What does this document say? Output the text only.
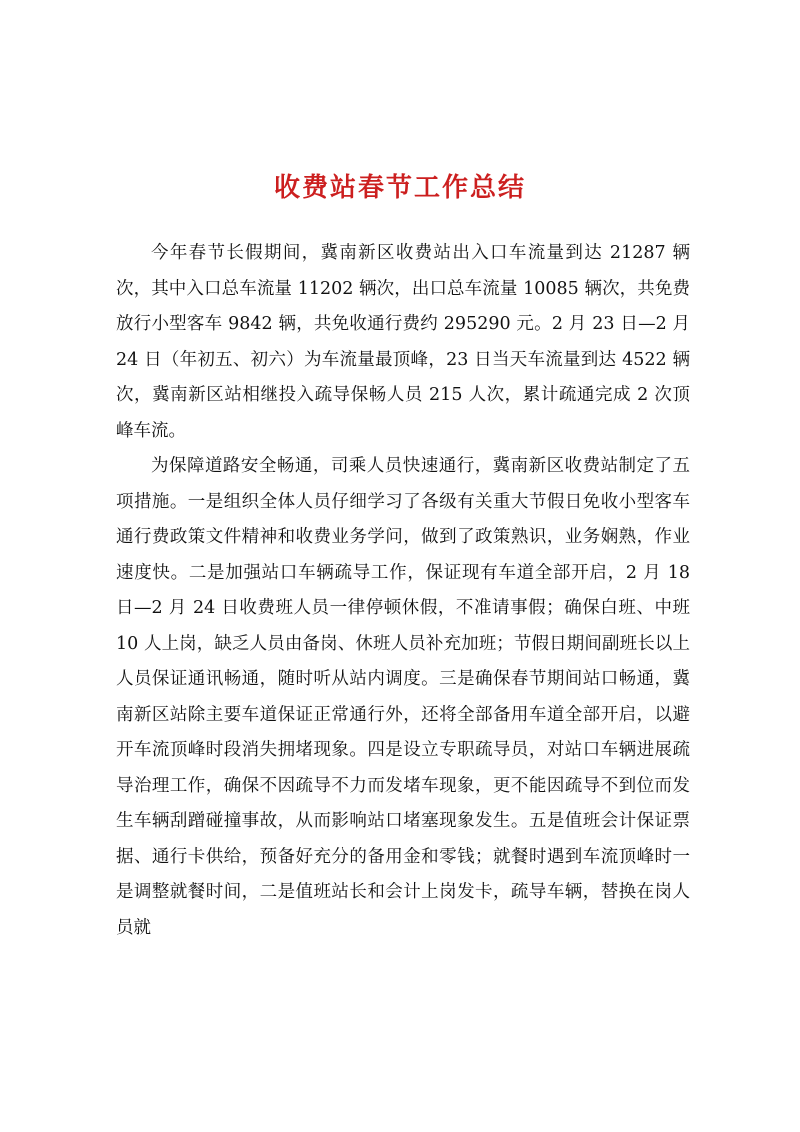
收费站春节工作总结

今年春节长假期间，冀南新区收费站出入口车流量到达 21287 辆次，其中入口总车流量 11202 辆次，出口总车流量 10085 辆次，共免费放行小型客车 9842 辆，共免收通行费约 295290 元。2 月 23 日—2 月 24 日（年初五、初六）为车流量最顶峰，23 日当天车流量到达 4522 辆次，冀南新区站相继投入疏导保畅人员 215 人次，累计疏通完成 2 次顶峰车流。

为保障道路安全畅通，司乘人员快速通行，冀南新区收费站制定了五项措施。一是组织全体人员仔细学习了各级有关重大节假日免收小型客车通行费政策文件精神和收费业务学问，做到了政策熟识，业务娴熟，作业速度快。二是加强站口车辆疏导工作，保证现有车道全部开启，2 月 18 日—2 月 24 日收费班人员一律停顿休假，不准请事假；确保白班、中班 10 人上岗，缺乏人员由备岗、休班人员补充加班；节假日期间副班长以上人员保证通讯畅通，随时听从站内调度。三是确保春节期间站口畅通，冀南新区站除主要车道保证正常通行外，还将全部备用车道全部开启，以避开车流顶峰时段消失拥堵现象。四是设立专职疏导员，对站口车辆进展疏导治理工作，确保不因疏导不力而发堵车现象，更不能因疏导不到位而发生车辆刮蹭碰撞事故，从而影响站口堵塞现象发生。五是值班会计保证票据、通行卡供给，预备好充分的备用金和零钱；就餐时遇到车流顶峰时一是调整就餐时间，二是值班站长和会计上岗发卡，疏导车辆，替换在岗人员就
